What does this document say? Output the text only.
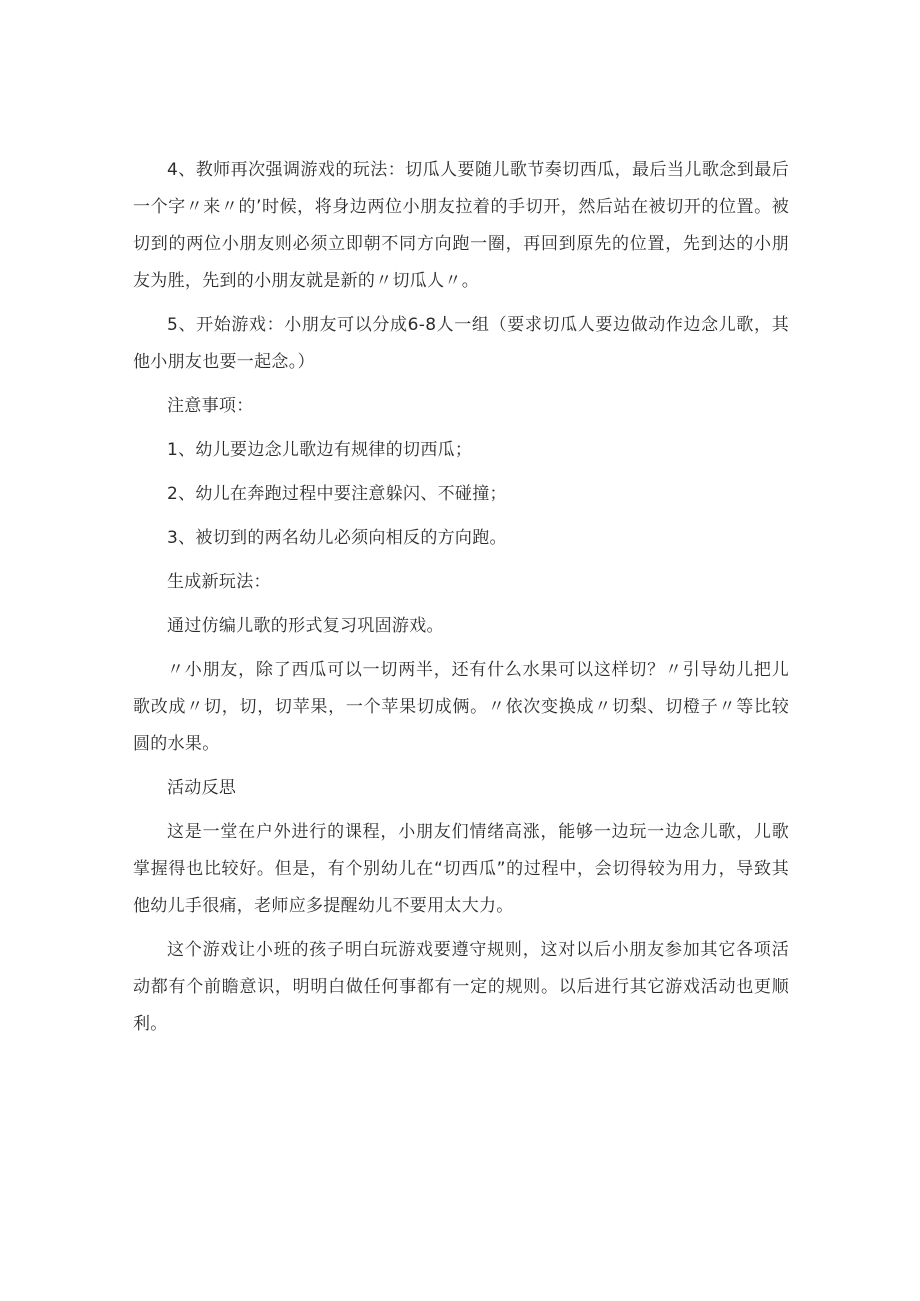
4、教师再次强调游戏的玩法：切瓜人要随儿歌节奏切西瓜，最后当儿歌念到最后一个字〃来〃的’时候，将身边两位小朋友拉着的手切开，然后站在被切开的位置。被切到的两位小朋友则必须立即朝不同方向跑一圈，再回到原先的位置，先到达的小朋友为胜，先到的小朋友就是新的〃切瓜人〃。

5、开始游戏：小朋友可以分成6-8人一组（要求切瓜人要边做动作边念儿歌，其他小朋友也要一起念。）

注意事项：

1、幼儿要边念儿歌边有规律的切西瓜；

2、幼儿在奔跑过程中要注意躲闪、不碰撞；

3、被切到的两名幼儿必须向相反的方向跑。

生成新玩法：

通过仿编儿歌的形式复习巩固游戏。

〃小朋友，除了西瓜可以一切两半，还有什么水果可以这样切？〃引导幼儿把儿歌改成〃切，切，切苹果，一个苹果切成俩。〃依次变换成〃切梨、切橙子〃等比较圆的水果。

活动反思

这是一堂在户外进行的课程，小朋友们情绪高涨，能够一边玩一边念儿歌，儿歌掌握得也比较好。但是，有个别幼儿在“切西瓜”的过程中，会切得较为用力，导致其他幼儿手很痛，老师应多提醒幼儿不要用太大力。

这个游戏让小班的孩子明白玩游戏要遵守规则，这对以后小朋友参加其它各项活动都有个前瞻意识，明明白做任何事都有一定的规则。以后进行其它游戏活动也更顺利。
